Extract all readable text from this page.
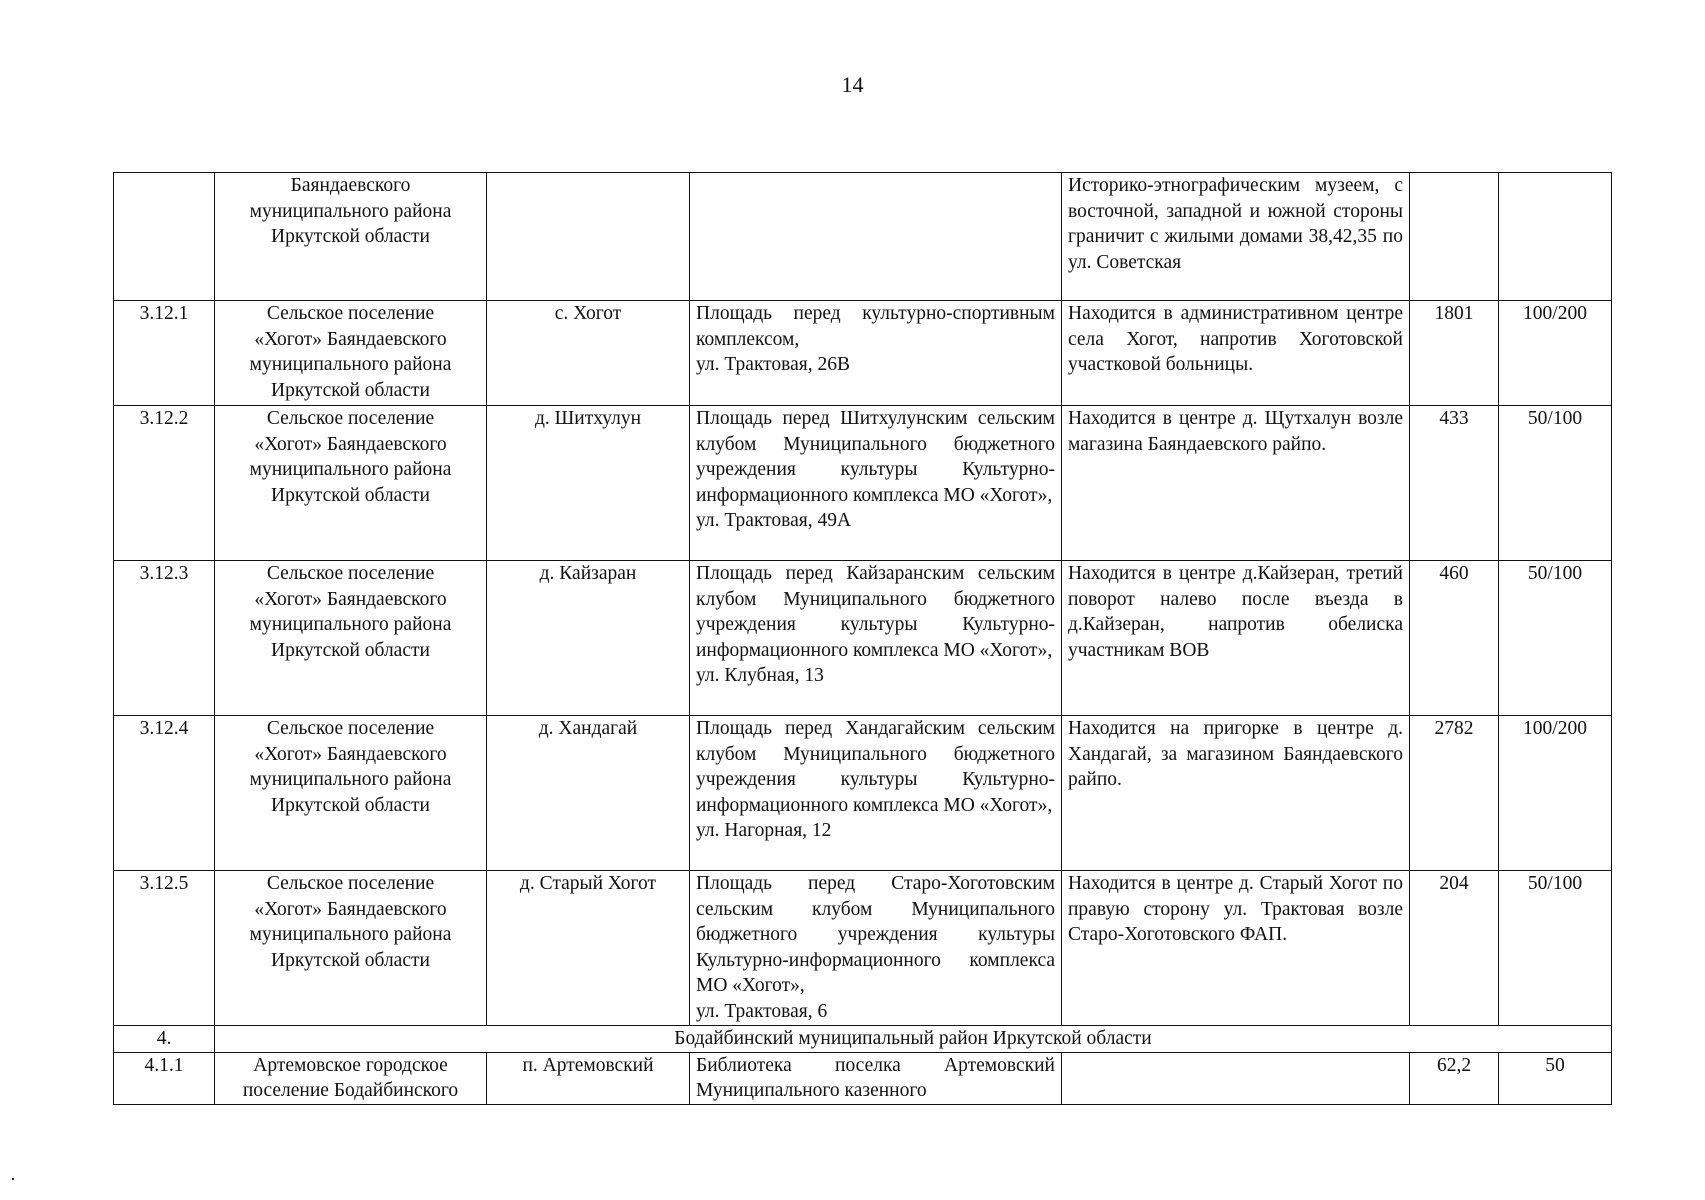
14
	Баяндаевского
муниципального района
Иркутской области			Историко-этнографическим музеем, с восточной, западной и южной стороны граничит с жилыми домами 38,42,35 по ул. Советская		
3.12.1	Сельское поселение
«Хогот» Баяндаевского
муниципального района
Иркутской области	с. Хогот	Площадь перед культурно-спортивным комплексом,
ул. Трактовая, 26В	Находится в административном центре села Хогот, напротив Хоготовской участковой больницы.	1801	100/200
3.12.2	Сельское поселение
«Хогот» Баяндаевского
муниципального района
Иркутской области	д. Шитхулун	Площадь перед Шитхулунским сельским клубом Муниципального бюджетного учреждения культуры Культурно-информационного комплекса МО «Хогот»,
ул. Трактовая, 49А	Находится в центре д. Щутхалун возле магазина Баяндаевского райпо.	433	50/100
3.12.3	Сельское поселение
«Хогот» Баяндаевского
муниципального района
Иркутской области	д. Кайзаран	Площадь перед Кайзаранским сельским клубом Муниципального бюджетного учреждения культуры Культурно-информационного комплекса МО «Хогот»,
ул. Клубная, 13	Находится в центре д.Кайзеран, третий поворот налево после въезда в д.Кайзеран, напротив обелиска участникам ВОВ	460	50/100
3.12.4	Сельское поселение
«Хогот» Баяндаевского
муниципального района
Иркутской области	д. Хандагай	Площадь перед Хандагайским сельским клубом Муниципального бюджетного учреждения культуры Культурно-информационного комплекса МО «Хогот»,
ул. Нагорная, 12	Находится на пригорке в центре д. Хандагай, за магазином Баяндаевского райпо.	2782	100/200
3.12.5	Сельское поселение
«Хогот» Баяндаевского
муниципального района
Иркутской области	д. Старый Хогот	Площадь перед Старо-Хоготовским сельским клубом Муниципального бюджетного учреждения культуры Культурно-информационного комплекса МО «Хогот»,
ул. Трактовая, 6	Находится в центре д. Старый Хогот по правую сторону ул. Трактовая возле Старо-Хоготовского ФАП.	204	50/100
4.	Бодайбинский муниципальный район Иркутской области					
4.1.1	Артемовское городское
поселение Бодайбинского	п. Артемовский	Библиотека поселка Артемовский Муниципального казенного		62,2	50
